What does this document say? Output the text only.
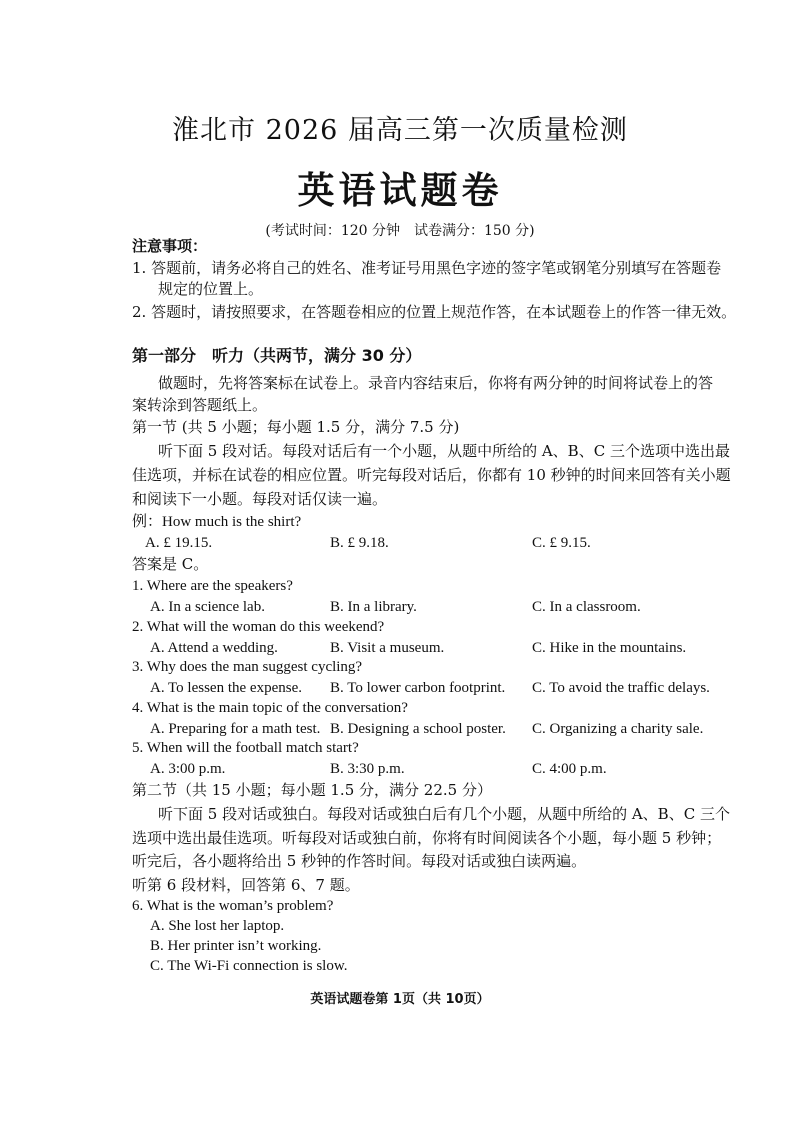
淮北市 2026 届高三第一次质量检测
英语试题卷
(考试时间：120 分钟　试卷满分：150 分)
注意事项：
1. 答题前，请务必将自己的姓名、准考证号用黑色字迹的签字笔或钢笔分别填写在答题卷
规定的位置上。
2. 答题时，请按照要求，在答题卷相应的位置上规范作答，在本试题卷上的作答一律无效。
第一部分　听力（共两节，满分 30 分）
做题时，先将答案标在试卷上。录音内容结束后，你将有两分钟的时间将试卷上的答
案转涂到答题纸上。
第一节 (共 5 小题；每小题 1.5 分，满分 7.5 分)
听下面 5 段对话。每段对话后有一个小题，从题中所给的 A、B、C 三个选项中选出最
佳选项，并标在试卷的相应位置。听完每段对话后，你都有 10 秒钟的时间来回答有关小题
和阅读下一小题。每段对话仅读一遍。
例：How much is the shirt?
A. £ 19.15.	B. £ 9.18.	C. £ 9.15.
答案是 C。
1. Where are the speakers?
A. In a science lab.	B. In a library.	C. In a classroom.
2. What will the woman do this weekend?
A. Attend a wedding.	B. Visit a museum.	C. Hike in the mountains.
3. Why does the man suggest cycling?
A. To lessen the expense. B. To lower carbon footprint. C. To avoid the traffic delays.
4. What is the main topic of the conversation?
A. Preparing for a math test. B. Designing a school poster. C. Organizing a charity sale.
5. When will the football match start?
A. 3:00 p.m.	B. 3:30 p.m.	C. 4:00 p.m.
第二节（共 15 小题；每小题 1.5 分，满分 22.5 分）
听下面 5 段对话或独白。每段对话或独白后有几个小题，从题中所给的 A、B、C 三个
选项中选出最佳选项。听每段对话或独白前，你将有时间阅读各个小题，每小题 5 秒钟；
听完后，各小题将给出 5 秒钟的作答时间。每段对话或独白读两遍。
听第 6 段材料，回答第 6、7 题。
6. What is the woman’s problem?
A. She lost her laptop.
B. Her printer isn’t working.
C. The Wi-Fi connection is slow.
英语试题卷第 1页（共 10页）
